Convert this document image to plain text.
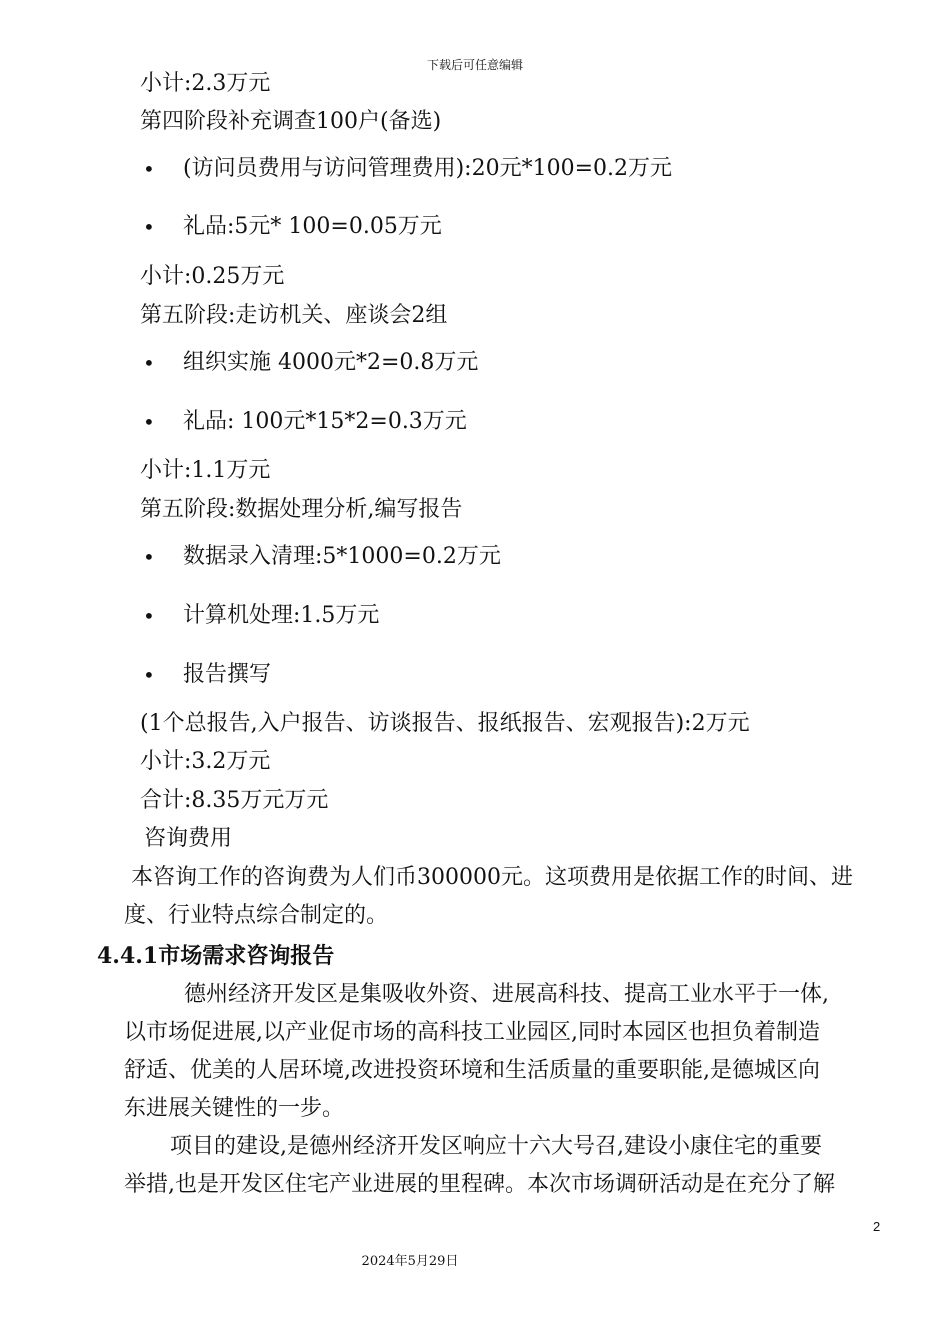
下载后可任意编辑
小计:2.3万元
第四阶段补充调查100户(备选)
• (访问员费用与访问管理费用):20元*100=0.2万元
• 礼品:5元* 100=0.05万元
小计:0.25万元
第五阶段:走访机关、座谈会2组
• 组织实施 4000元*2=0.8万元
• 礼品: 100元*15*2=0.3万元
小计:1.1万元
第五阶段:数据处理分析,编写报告
• 数据录入清理:5*1000=0.2万元
• 计算机处理:1.5万元
• 报告撰写
(1个总报告,入户报告、访谈报告、报纸报告、宏观报告):2万元
小计:3.2万元
合计:8.35万元万元
咨询费用
本咨询工作的咨询费为人们币300000元。这项费用是依据工作的时间、进
度、行业特点综合制定的。
4.4.1市场需求咨询报告
德州经济开发区是集吸收外资、进展高科技、提高工业水平于一体,
以市场促进展,以产业促市场的高科技工业园区,同时本园区也担负着制造
舒适、优美的人居环境,改进投资环境和生活质量的重要职能,是德城区向
东进展关键性的一步。
项目的建设,是德州经济开发区响应十六大号召,建设小康住宅的重要
举措,也是开发区住宅产业进展的里程碑。本次市场调研活动是在充分了解
2
2024年5月29日
